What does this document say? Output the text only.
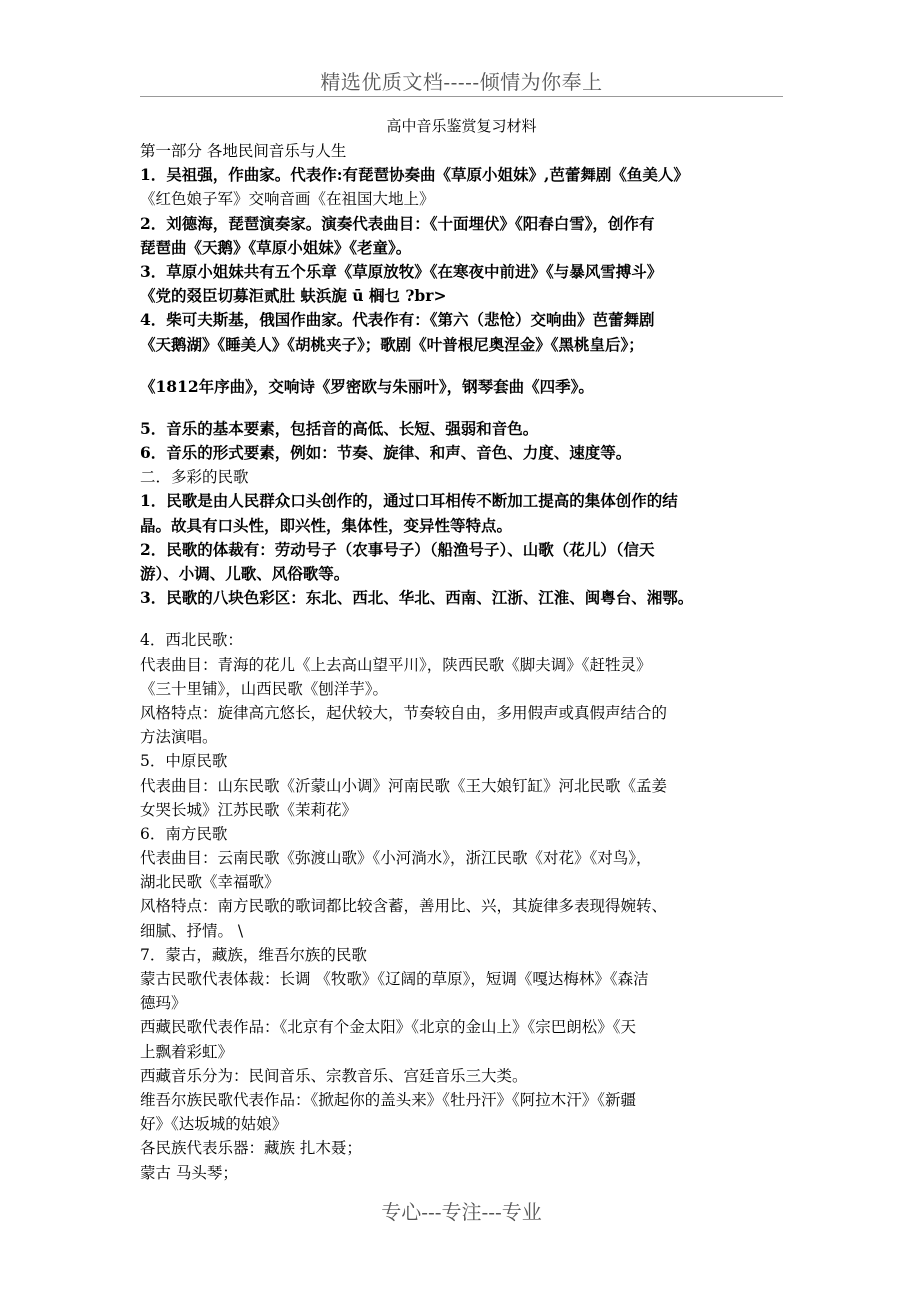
精选优质文档-----倾情为你奉上
高中音乐鉴赏复习材料
第一部分 各地民间音乐与人生
1．吴祖强，作曲家。代表作:有琵琶协奏曲《草原小姐妹》,芭蕾舞剧《鱼美人》
《红色娘子军》交响音画《在祖国大地上》
2．刘德海，琵琶演奏家。演奏代表曲目：《十面埋伏》《阳春白雪》，创作有
琵琶曲《天鹅》《草原小姐妹》《老童》。
3．草原小姐妹共有五个乐章《草原放牧》《在寒夜中前进》《与暴风雪搏斗》
《党的叕臣切募洰贰肚 蚨浜旎 ū 榈乜 ?br>
4．柴可夫斯基，俄国作曲家。代表作有：《第六（悲怆）交响曲》芭蕾舞剧
《天鹅湖》《睡美人》《胡桃夹子》；歌剧《叶普根尼奥涅金》《黑桃皇后》；
《1812年序曲》，交响诗《罗密欧与朱丽叶》，钢琴套曲《四季》。
5．音乐的基本要素，包括音的高低、长短、强弱和音色。
6．音乐的形式要素，例如：节奏、旋律、和声、音色、力度、速度等。
二．多彩的民歌
1．民歌是由人民群众口头创作的，通过口耳相传不断加工提高的集体创作的结
晶。故具有口头性，即兴性，集体性，变异性等特点。
2．民歌的体裁有：劳动号子（农事号子）（船渔号子）、山歌（花儿）（信天
游）、小调、儿歌、风俗歌等。
3．民歌的八块色彩区：东北、西北、华北、西南、江浙、江淮、闽粤台、湘鄂。
4．西北民歌：
代表曲目：青海的花儿《上去高山望平川》，陕西民歌《脚夫调》《赶牲灵》
《三十里铺》，山西民歌《刨洋芋》。
风格特点：旋律高亢悠长，起伏较大，节奏较自由，多用假声或真假声结合的
方法演唱。
5．中原民歌
代表曲目：山东民歌《沂蒙山小调》河南民歌《王大娘钉缸》河北民歌《孟姜
女哭长城》江苏民歌《茉莉花》
6．南方民歌
代表曲目：云南民歌《弥渡山歌》《小河淌水》，浙江民歌《对花》《对鸟》，
湖北民歌《幸福歌》
风格特点：南方民歌的歌词都比较含蓄，善用比、兴，其旋律多表现得婉转、
细腻、抒情。 \
7．蒙古，藏族，维吾尔族的民歌
蒙古民歌代表体裁：长调 《牧歌》《辽阔的草原》，短调《嘎达梅林》《森洁
德玛》
西藏民歌代表作品：《北京有个金太阳》《北京的金山上》《宗巴朗松》《天
上飘着彩虹》
西藏音乐分为：民间音乐、宗教音乐、宫廷音乐三大类。
维吾尔族民歌代表作品：《掀起你的盖头来》《牡丹汗》《阿拉木汗》《新疆
好》《达坂城的姑娘》
各民族代表乐器：藏族 扎木聂；
蒙古 马头琴；
专心---专注---专业
